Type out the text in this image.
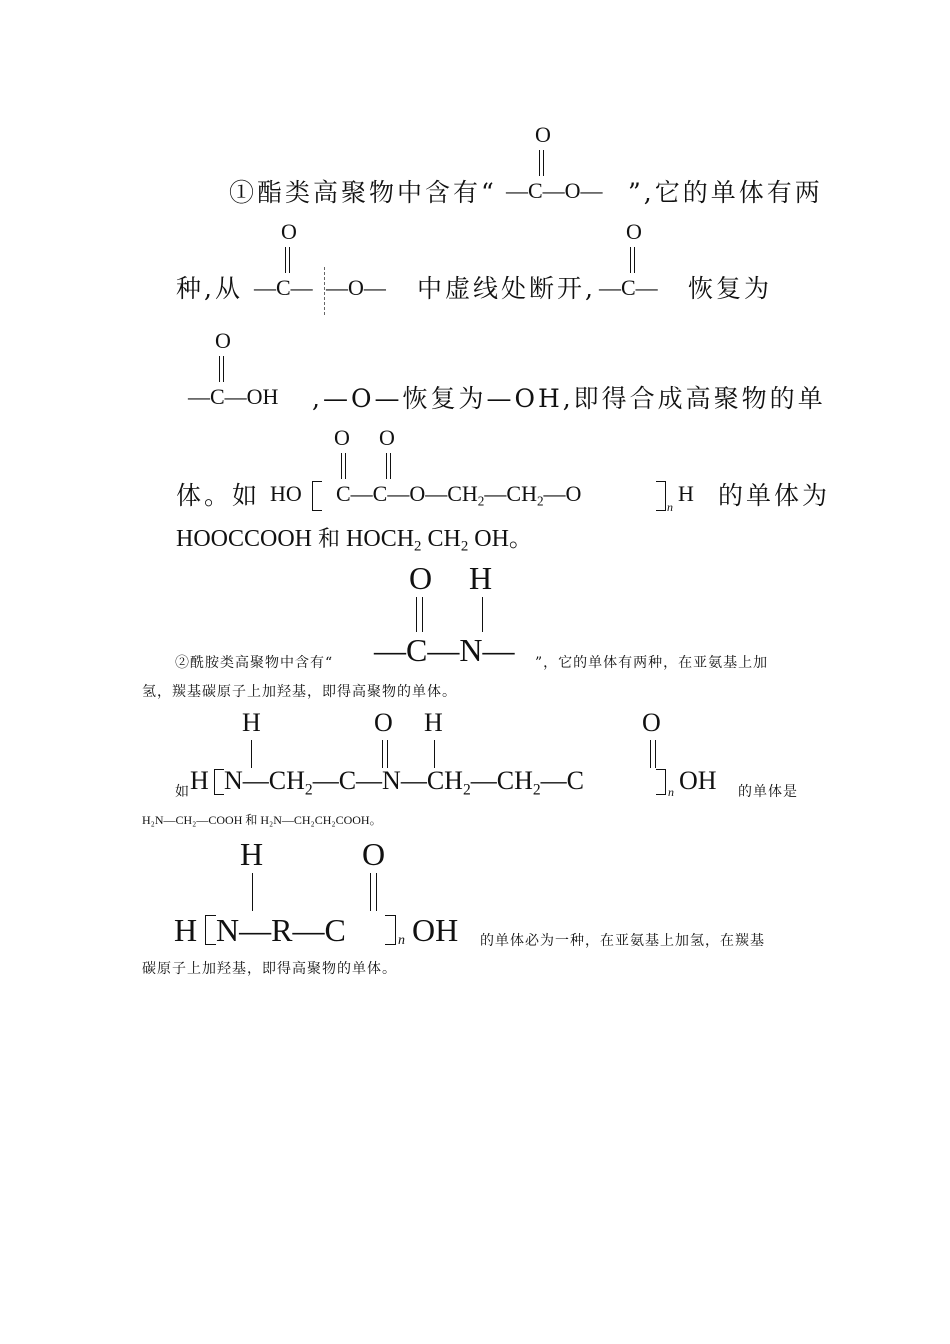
①酯类高聚物中含有“
O
—C—O— ”,它的单体有两
种,从
O
—C— —O— 中虚线处断开,
O
—C— 恢复为
O
—C—OH ,—O—恢复为—OH,即得合成高聚物的单
体。如 HO
O O
$C—C—O—CH_2—CH_2—O$
n
H 的单体为
HOOCCOOH 和 HOCH2 CH2 OH。
②酰胺类高聚物中含有“
O H
—C—N— ”，它的单体有两种，在亚氨基上加
氢，羰基碳原子上加羟基，即得高聚物的单体。
如
H	O H	O
H $N—CH_2—C—N—CH_2—CH_2—C$	n OH 的单体是
H₂N—CH₂—COOH 和 H₂N—CH₂CH₂COOH。
H	O
H N—R—C	n OH 的单体必为一种，在亚氨基上加氢，在羰基
碳原子上加羟基，即得高聚物的单体。
